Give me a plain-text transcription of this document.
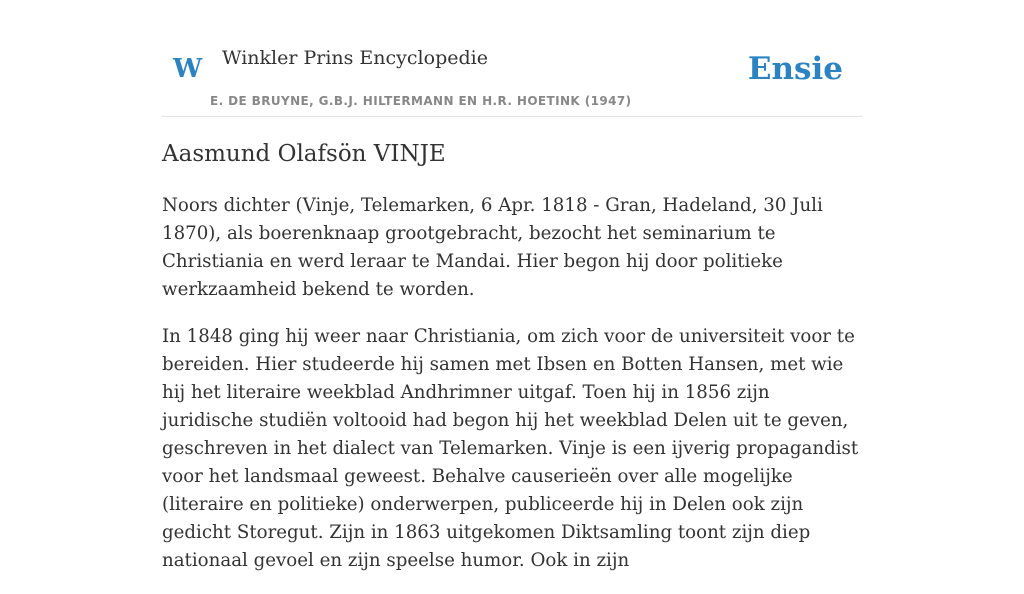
W Winkler Prins Encyclopedie
E. DE BRUYNE, G.B.J. HILTERMANN EN H.R. HOETINK (1947)
Ensie
Aasmund Olafsön VINJE

Noors dichter (Vinje, Telemarken, 6 Apr. 1818 - Gran, Hadeland, 30 Juli 1870), als boerenknaap grootgebracht, bezocht het seminarium te Christiania en werd leraar te Mandai. Hier begon hij door politieke werkzaamheid bekend te worden.

In 1848 ging hij weer naar Christiania, om zich voor de universiteit voor te bereiden. Hier studeerde hij samen met Ibsen en Botten Hansen, met wie hij het literaire weekblad Andhrimner uitgaf. Toen hij in 1856 zijn juridische studiën voltooid had begon hij het weekblad Delen uit te geven, geschreven in het dialect van Telemarken. Vinje is een ijverig propagandist voor het landsmaal geweest. Behalve causerieën over alle mogelijke (literaire en politieke) onderwerpen, publiceerde hij in Delen ook zijn gedicht Storegut. Zijn in 1863 uitgekomen Diktsamling toont zijn diep nationaal gevoel en zijn speelse humor. Ook in zijn
